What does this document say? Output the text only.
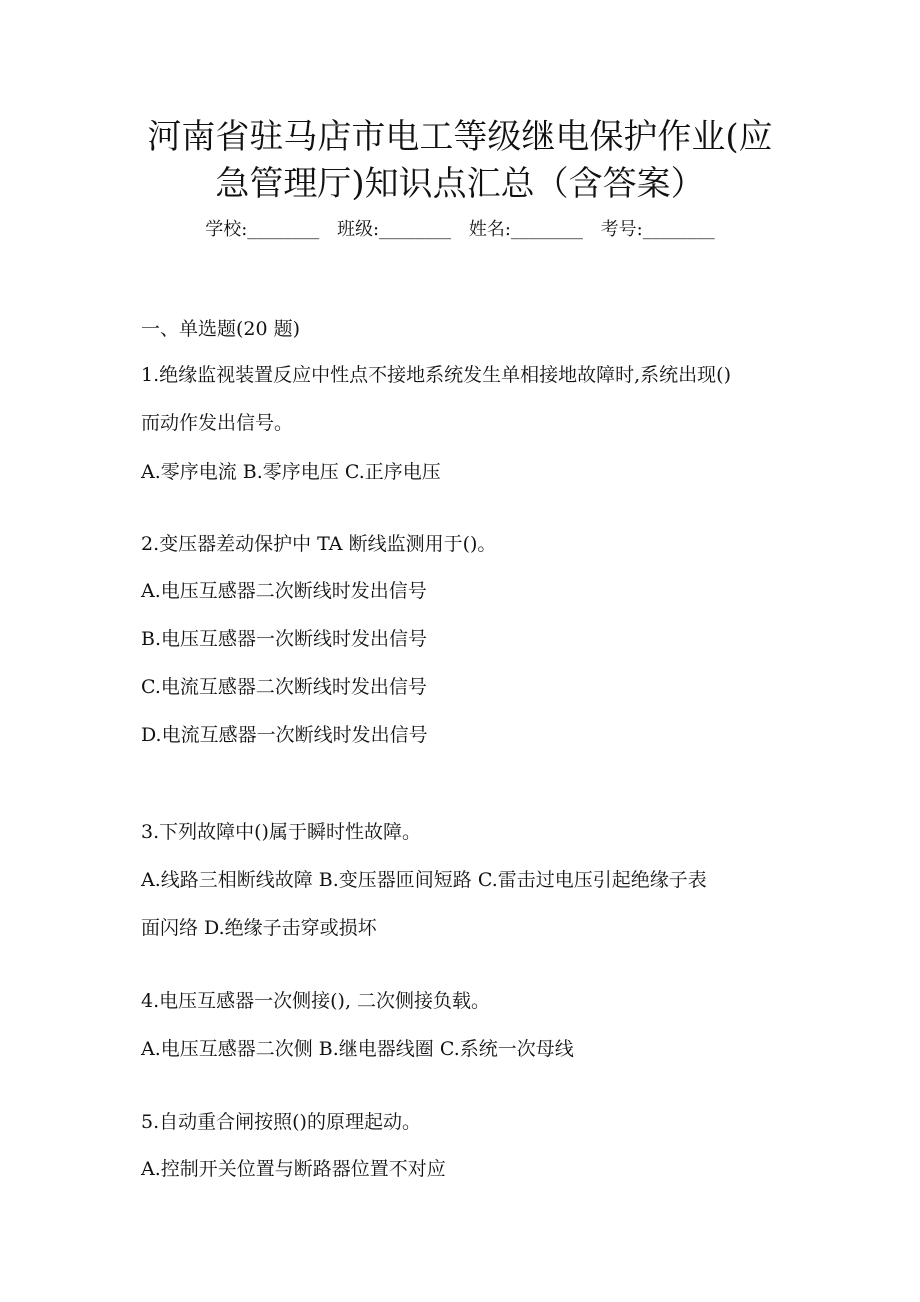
河南省驻马店市电工等级继电保护作业(应
急管理厅)知识点汇总（含答案）
学校:________ 班级:________ 姓名:________ 考号:________
一、单选题(20 题)
1.绝缘监视装置反应中性点不接地系统发生单相接地故障时,系统出现()
而动作发出信号。
A.零序电流 B.零序电压 C.正序电压
2.变压器差动保护中 TA 断线监测用于()。
A.电压互感器二次断线时发出信号
B.电压互感器一次断线时发出信号
C.电流互感器二次断线时发出信号
D.电流互感器一次断线时发出信号
3.下列故障中()属于瞬时性故障。
A.线路三相断线故障 B.变压器匝间短路 C.雷击过电压引起绝缘子表
面闪络 D.绝缘子击穿或损坏
4.电压互感器一次侧接(), 二次侧接负载。
A.电压互感器二次侧 B.继电器线圈 C.系统一次母线
5.自动重合闸按照()的原理起动。
A.控制开关位置与断路器位置不对应
